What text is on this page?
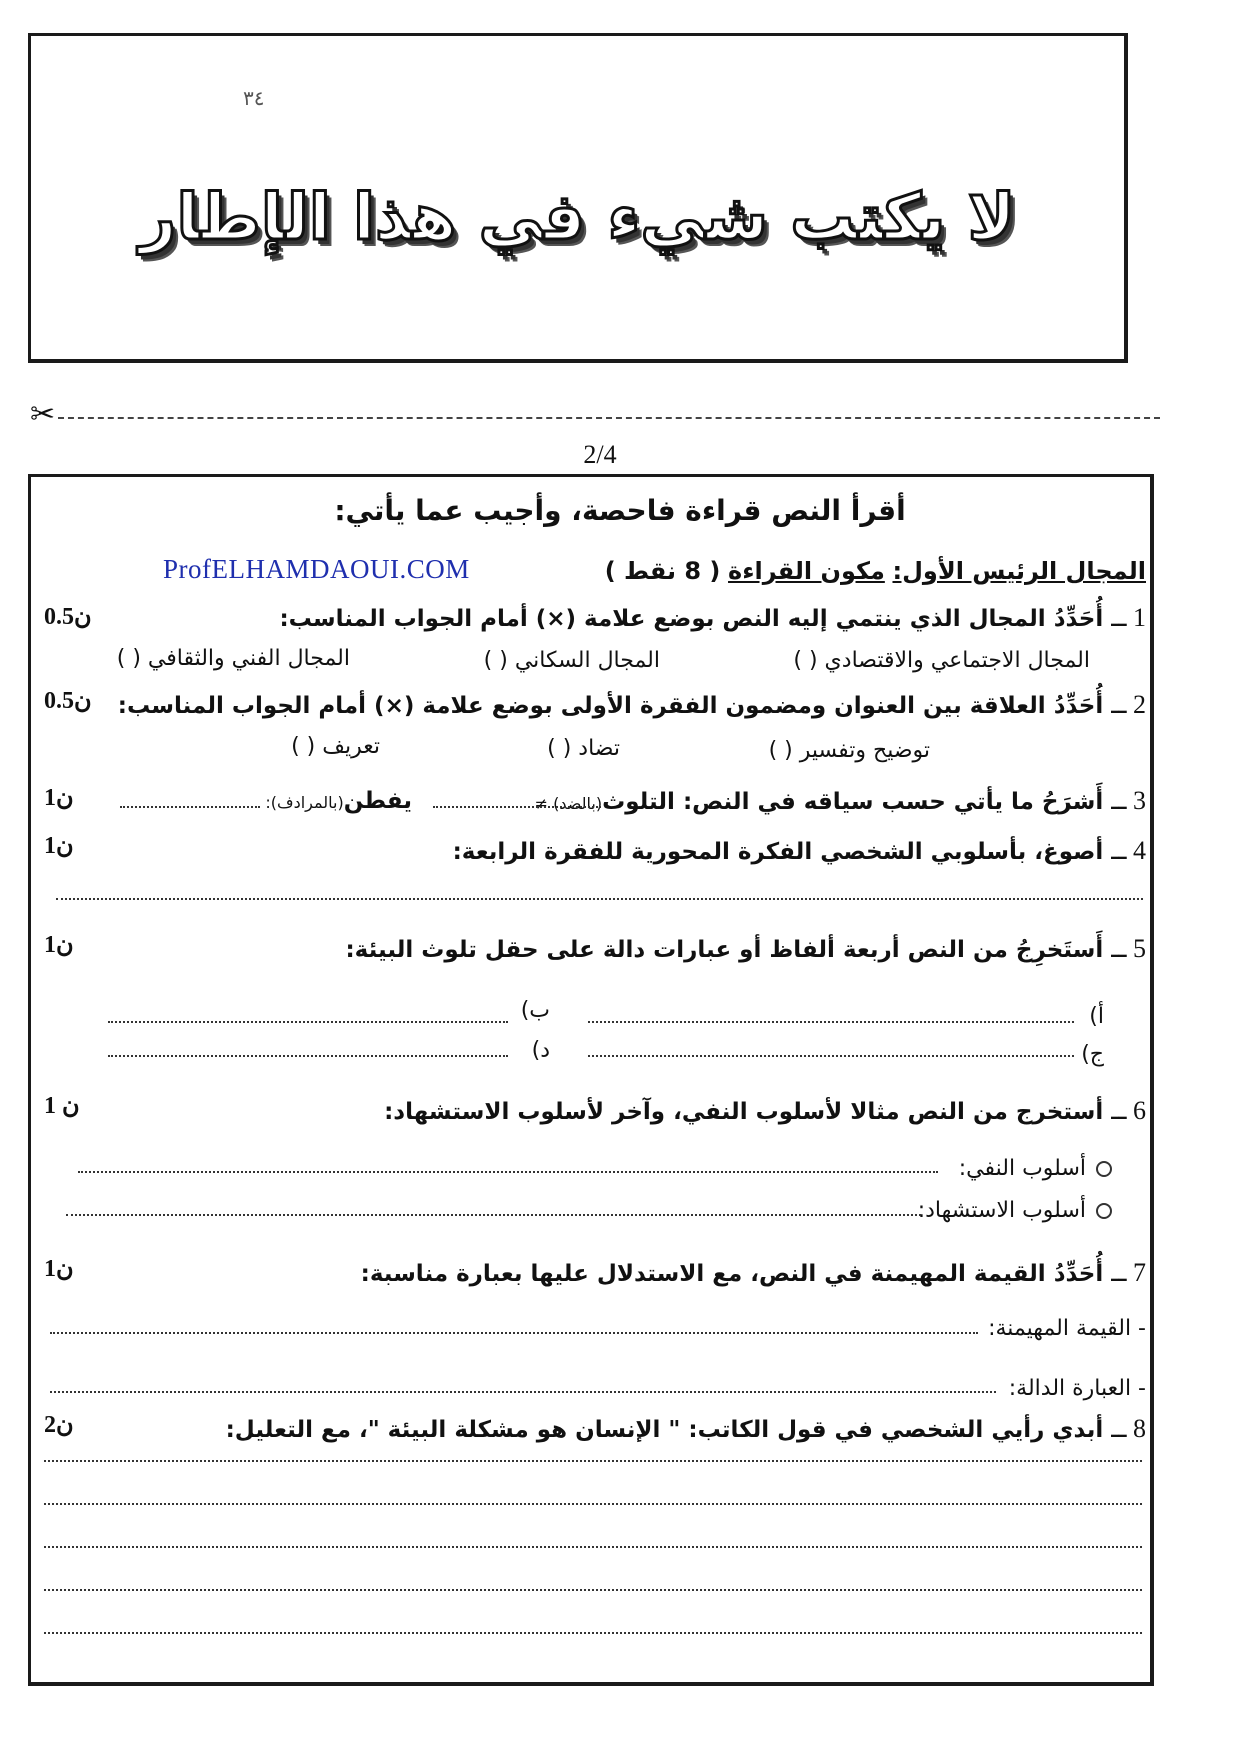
٣٤
لا يكتب شيء في هذا الإطار
✂
2/4
أقرأ النص قراءة فاحصة، وأجيب عما يأتي:
ProfELHAMDAOUI.COM	المجال الرئيس الأول: مكون القراءة ( 8 نقط )
1 ــ أُحَدِّدُ المجال الذي ينتمي إليه النص بوضع علامة (×) أمام الجواب المناسب:
0.5ن
المجال الاجتماعي والاقتصادي ( )
المجال السكاني ( )
المجال الفني والثقافي ( )
2 ــ أُحَدِّدُ العلاقة بين العنوان ومضمون الفقرة الأولى بوضع علامة (×) أمام الجواب المناسب:
0.5ن
توضيح وتفسير ( )
تضاد ( )
تعريف ( )
3 ــ أَشرَحُ ما يأتي حسب سياقه في النص: التلوث(بالضد) ≠
يفطن(بالمرادف):
1ن
4 ــ أصوغ، بأسلوبي الشخصي الفكرة المحورية للفقرة الرابعة:
1ن
5 ــ أَستَخرِجُ من النص أربعة ألفاظ أو عبارات دالة على حقل تلوث البيئة:
1ن
أ)
ب)
ج)
د)
6 ــ أستخرج من النص مثالا لأسلوب النفي، وآخر لأسلوب الاستشهاد:
1 ن
أسلوب النفي:
أسلوب الاستشهاد:
7 ــ أُحَدِّدُ القيمة المهيمنة في النص، مع الاستدلال عليها بعبارة مناسبة:
1ن
- القيمة المهيمنة:
- العبارة الدالة:
8 ــ أبدي رأيي الشخصي في قول الكاتب: " الإنسان هو مشكلة البيئة "، مع التعليل:
2ن
